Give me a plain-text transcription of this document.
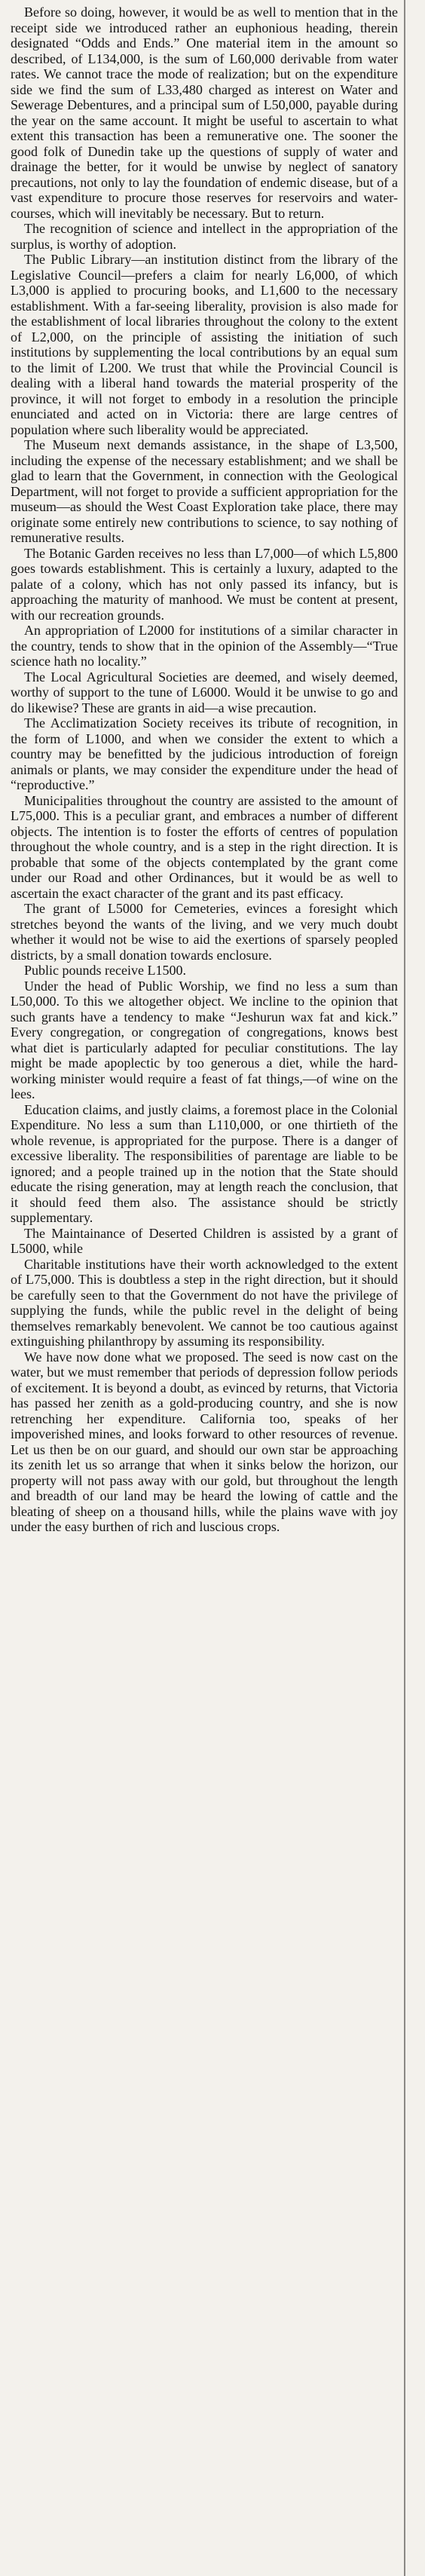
Before so doing, however, it would be as well to mention that in the receipt side we introduced rather an euphonious heading, therein designated “Odds and Ends.” One material item in the amount so described, of L134,000, is the sum of L60,000 derivable from water rates. We cannot trace the mode of realization; but on the expenditure side we find the sum of L33,480 charged as interest on Water and Sewerage Debentures, and a principal sum of L50,000, payable during the year on the same account. It might be useful to ascertain to what extent this transaction has been a remunerative one. The sooner the good folk of Dunedin take up the questions of supply of water and drainage the better, for it would be unwise by neglect of sanatory precautions, not only to lay the foundation of endemic disease, but of a vast expenditure to procure those reserves for reservoirs and water-courses, which will inevitably be necessary. But to return.

The recognition of science and intellect in the appropriation of the surplus, is worthy of adoption.

The Public Library—an institution distinct from the library of the Legislative Council—prefers a claim for nearly L6,000, of which L3,000 is applied to procuring books, and L1,600 to the necessary establishment. With a far-seeing liberality, provision is also made for the establishment of local libraries throughout the colony to the extent of L2,000, on the principle of assisting the initiation of such institutions by supplementing the local contributions by an equal sum to the limit of L200. We trust that while the Provincial Council is dealing with a liberal hand towards the material prosperity of the province, it will not forget to embody in a resolution the principle enunciated and acted on in Victoria: there are large centres of population where such liberality would be appreciated.

The Museum next demands assistance, in the shape of L3,500, including the expense of the necessary establishment; and we shall be glad to learn that the Government, in connection with the Geological Department, will not forget to provide a sufficient appropriation for the museum—as should the West Coast Exploration take place, there may originate some entirely new contributions to science, to say nothing of remunerative results.

The Botanic Garden receives no less than L7,000—of which L5,800 goes towards establishment. This is certainly a luxury, adapted to the palate of a colony, which has not only passed its infancy, but is approaching the maturity of manhood. We must be content at present, with our recreation grounds.

An appropriation of L2000 for institutions of a similar character in the country, tends to show that in the opinion of the Assembly—“True science hath no locality.”

The Local Agricultural Societies are deemed, and wisely deemed, worthy of support to the tune of L6000. Would it be unwise to go and do likewise? These are grants in aid—a wise precaution.

The Acclimatization Society receives its tribute of recognition, in the form of L1000, and when we consider the extent to which a country may be benefitted by the judicious introduction of foreign animals or plants, we may consider the expenditure under the head of “reproductive.”

Municipalities throughout the country are assisted to the amount of L75,000. This is a peculiar grant, and embraces a number of different objects. The intention is to foster the efforts of centres of population throughout the whole country, and is a step in the right direction. It is probable that some of the objects contemplated by the grant come under our Road and other Ordinances, but it would be as well to ascertain the exact character of the grant and its past efficacy.

The grant of L5000 for Cemeteries, evinces a foresight which stretches beyond the wants of the living, and we very much doubt whether it would not be wise to aid the exertions of sparsely peopled districts, by a small donation towards enclosure.

Public pounds receive L1500.

Under the head of Public Worship, we find no less a sum than L50,000. To this we altogether object. We incline to the opinion that such grants have a tendency to make “Jeshurun wax fat and kick.” Every congregation, or congregation of congregations, knows best what diet is particularly adapted for peculiar constitutions. The lay might be made apoplectic by too generous a diet, while the hard-working minister would require a feast of fat things,—of wine on the lees.

Education claims, and justly claims, a foremost place in the Colonial Expenditure. No less a sum than L110,000, or one thirtieth of the whole revenue, is appropriated for the purpose. There is a danger of excessive liberality. The responsibilities of parentage are liable to be ignored; and a people trained up in the notion that the State should educate the rising generation, may at length reach the conclusion, that it should feed them also. The assistance should be strictly supplementary.

The Maintainance of Deserted Children is assisted by a grant of L5000, while

Charitable institutions have their worth acknowledged to the extent of L75,000. This is doubtless a step in the right direction, but it should be carefully seen to that the Government do not have the privilege of supplying the funds, while the public revel in the delight of being themselves remarkably benevolent. We cannot be too cautious against extinguishing philanthropy by assuming its responsibility.

We have now done what we proposed. The seed is now cast on the water, but we must remember that periods of depression follow periods of excitement. It is beyond a doubt, as evinced by returns, that Victoria has passed her zenith as a gold-producing country, and she is now retrenching her expenditure. California too, speaks of her impoverished mines, and looks forward to other resources of revenue. Let us then be on our guard, and should our own star be approaching its zenith let us so arrange that when it sinks below the horizon, our property will not pass away with our gold, but throughout the length and breadth of our land may be heard the lowing of cattle and the bleating of sheep on a thousand hills, while the plains wave with joy under the easy burthen of rich and luscious crops.
